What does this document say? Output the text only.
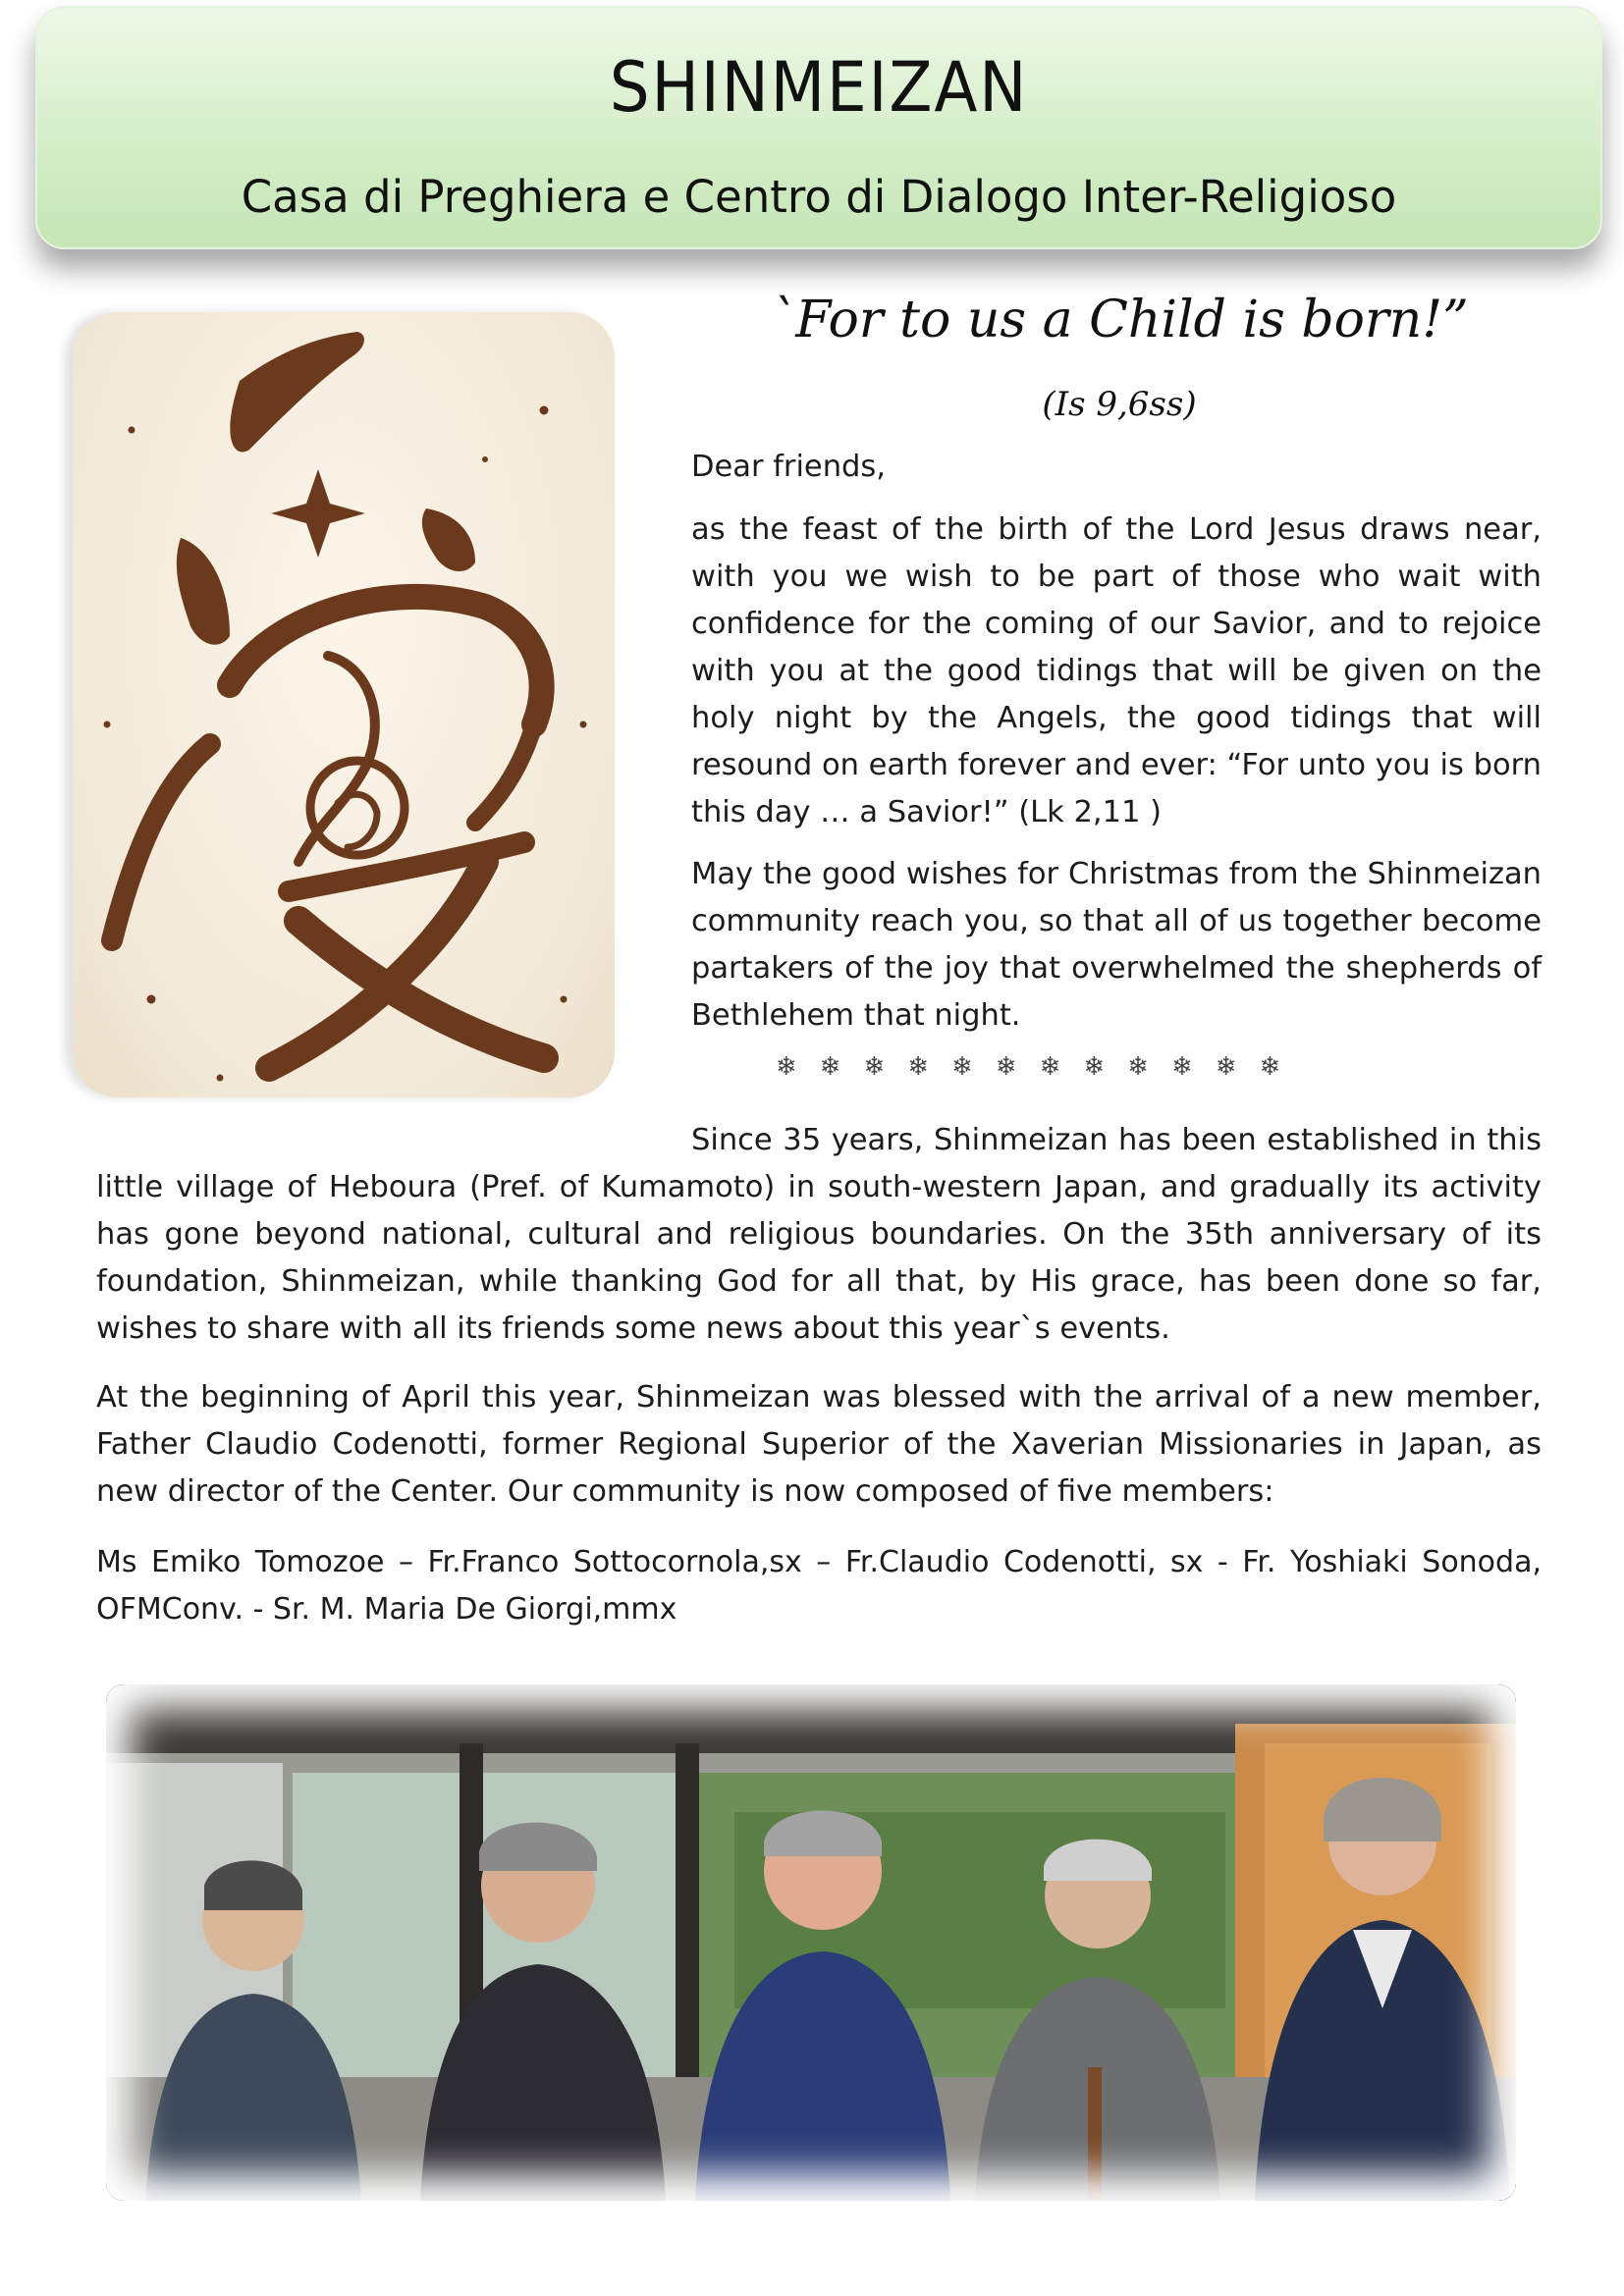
SHINMEIZAN
Casa di Preghiera e Centro di Dialogo Inter-Religioso
`For to us a Child is born!”
(Is 9,6ss)

Dear friends,

as the feast of the birth of the Lord Jesus draws near, with you we wish to be part of those who wait with confidence for the coming of our Savior, and to rejoice with you at the good tidings that will be given on the holy night by the Angels, the good tidings that will resound on earth forever and ever: “For unto you is born this day … a Savior!” (Lk 2,11 )

May the good wishes for Christmas from the Shinmeizan community reach you, so that all of us together become partakers of the joy that overwhelmed the shepherds of Bethlehem that night.

❄❄❄❄❄❄❄❄❄❄❄❄

Since 35 years, Shinmeizan has been established in this little village of Heboura (Pref. of Kumamoto) in south-western Japan, and gradually its activity has gone beyond national, cultural and religious boundaries. On the 35th anniversary of its foundation, Shinmeizan, while thanking God for all that, by His grace, has been done so far, wishes to share with all its friends some news about this year`s events.

At the beginning of April this year, Shinmeizan was blessed with the arrival of a new member, Father Claudio Codenotti, former Regional Superior of the Xaverian Missionaries in Japan, as new director of the Center. Our community is now composed of five members:

Ms Emiko Tomozoe – Fr.Franco Sottocornola,sx – Fr.Claudio Codenotti, sx - Fr. Yoshiaki Sonoda, OFMConv. - Sr. M. Maria De Giorgi,mmx
